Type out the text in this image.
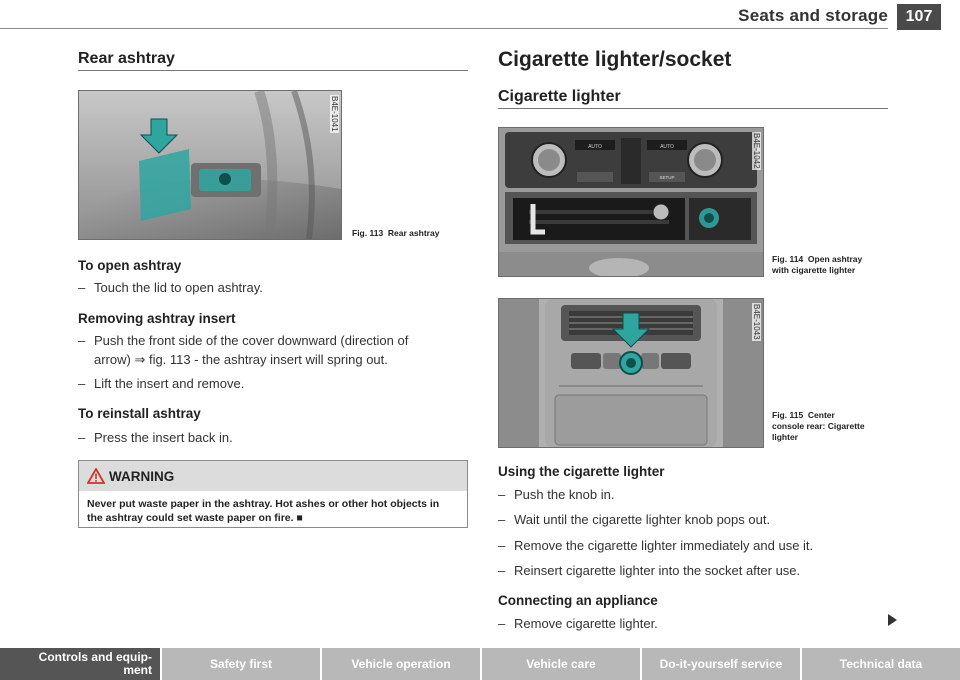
Seats and storage	107
Rear ashtray
B4E-1041
Fig. 113 Rear ashtray
To open ashtray
– Touch the lid to open ashtray.
Removing ashtray insert
– Push the front side of the cover downward (direction of
arrow) ⇒ fig. 113 - the ashtray insert will spring out.
– Lift the insert and remove.
To reinstall ashtray
– Press the insert back in.
WARNING
Never put waste paper in the ashtray. Hot ashes or other hot objects in the ashtray could set waste paper on fire. ■
Cigarette lighter/socket
Cigarette lighter
AUTO	AUTO
SETUP
B4E-1042
Fig. 114 Open ashtray
with cigarette lighter
B4E-1043
Fig. 115 Center
console rear: Cigarette
lighter
Using the cigarette lighter
– Push the knob in.
– Wait until the cigarette lighter knob pops out.
– Remove the cigarette lighter immediately and use it.
– Reinsert cigarette lighter into the socket after use.
Connecting an appliance
– Remove cigarette lighter.
Controls and equip-
ment	Safety first	Vehicle operation	Vehicle care	Do-it-yourself service	Technical data
